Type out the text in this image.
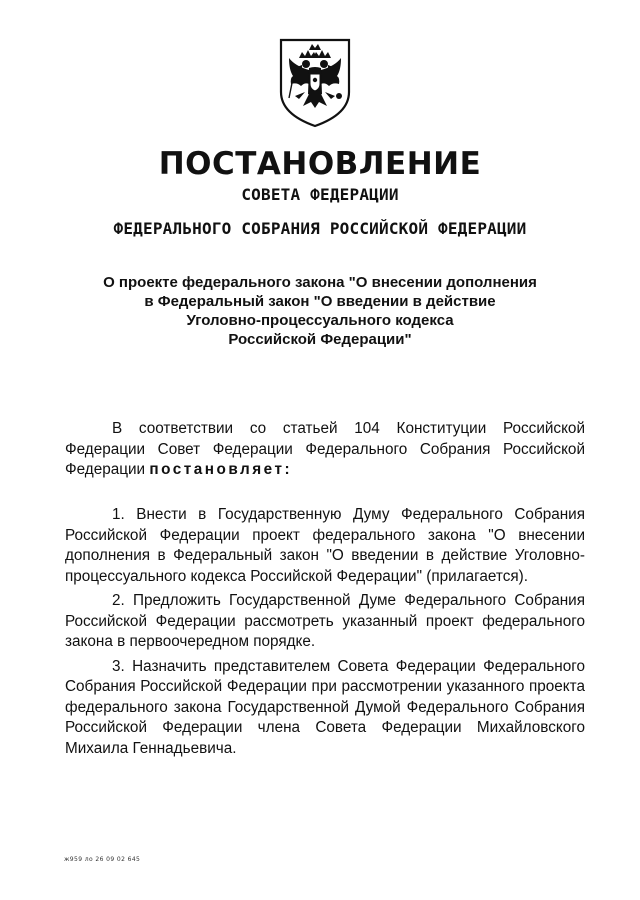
ПОСТАНОВЛЕНИЕ
СОВЕТА ФЕДЕРАЦИИ
ФЕДЕРАЛЬНОГО СОБРАНИЯ РОССИЙСКОЙ ФЕДЕРАЦИИ
О проекте федерального закона "О внесении дополнения
в Федеральный закон "О введении в действие
Уголовно-процессуального кодекса
Российской Федерации"

В соответствии со статьей 104 Конституции Российской Федерации Совет Федерации Федерального Собрания Российской Федерации постановляет:

1. Внести в Государственную Думу Федерального Собрания Российской Федерации проект федерального закона "О внесении дополнения в Федеральный закон "О введении в действие Уголовно-процессуального кодекса Российской Федерации" (прилагается).

2. Предложить Государственной Думе Федерального Собрания Российской Федерации рассмотреть указанный проект федерального закона в первоочередном порядке.

3. Назначить представителем Совета Федерации Федерального Собрания Российской Федерации при рассмотрении указанного проекта федерального закона Государственной Думой Федерального Собрания Российской Федерации члена Совета Федерации Михайловского Михаила Геннадьевича.

ж959 ло 26 09 02 645
